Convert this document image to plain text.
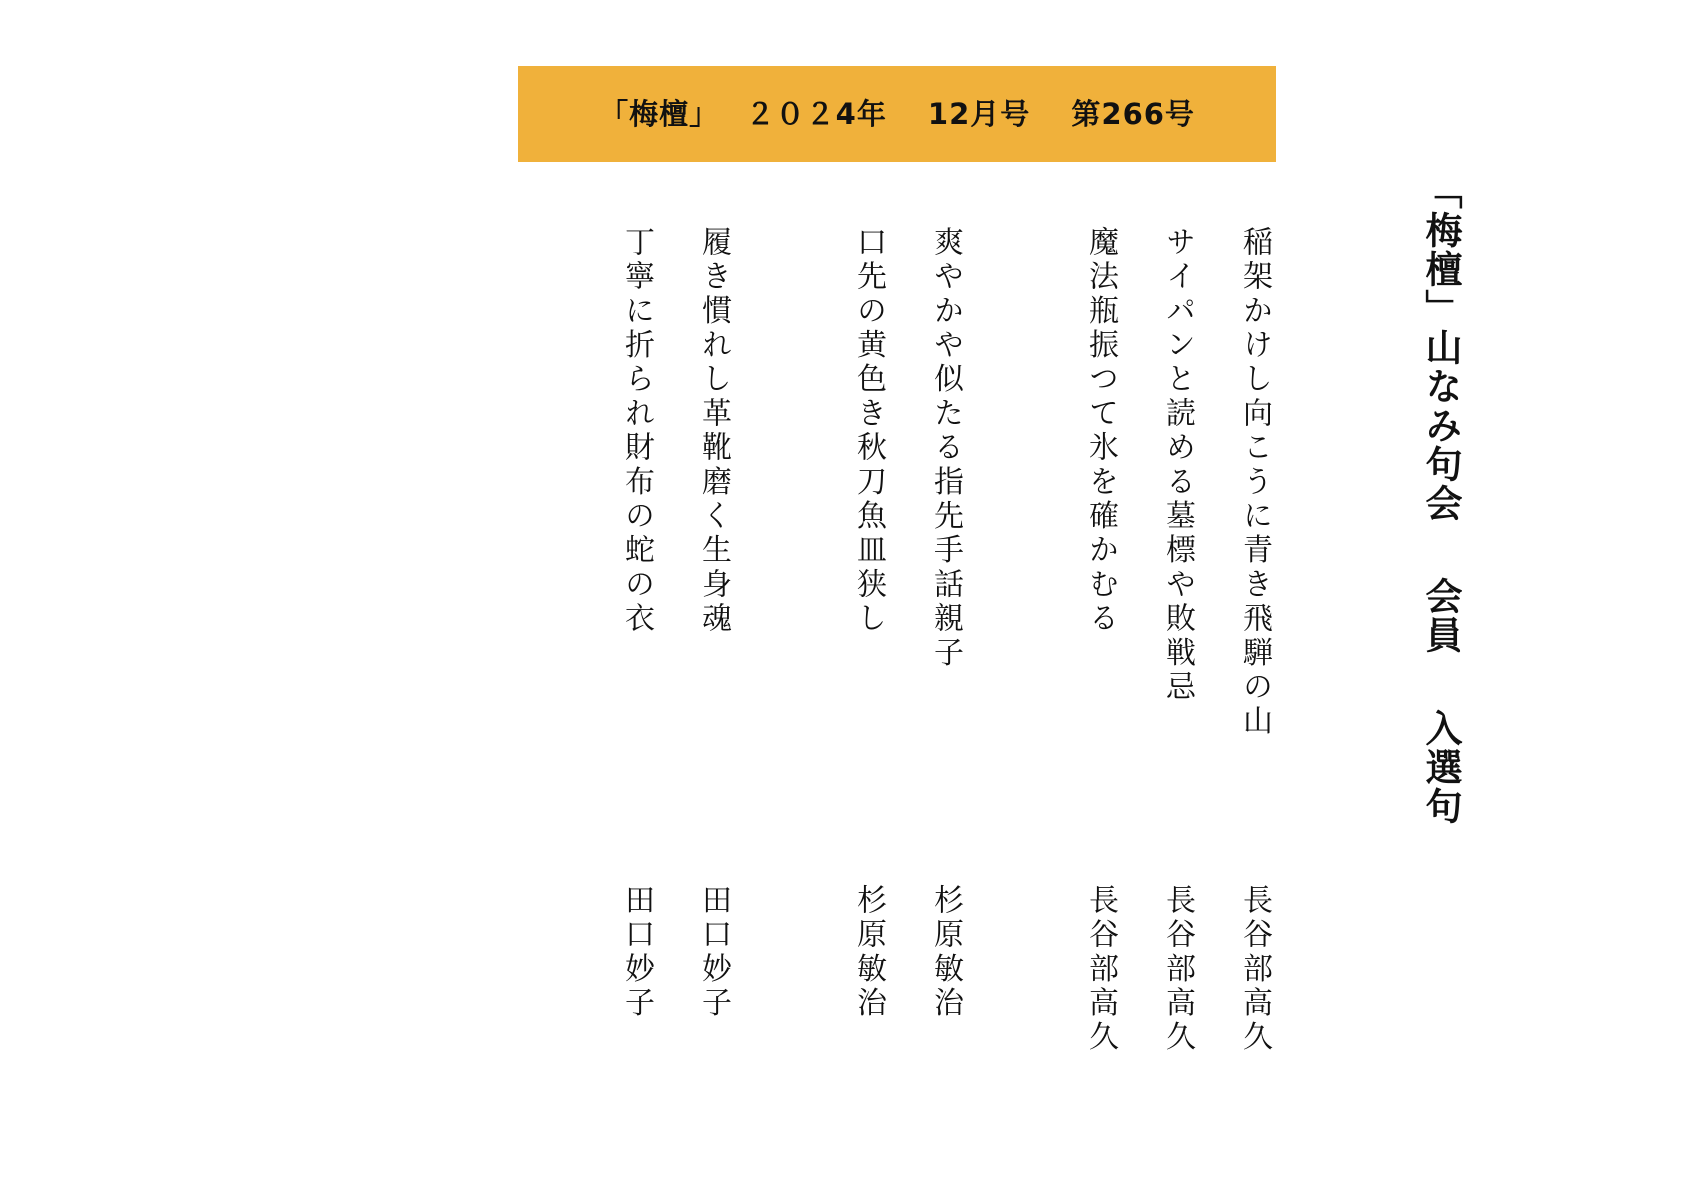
「梅檀」　 ２０２4年　 12月号　 第266号
「梅檀」山なみ句会　 会員　 入選句
稲架かけし向こうに青き飛騨の山
長谷部高久
サイパンと読める墓標や敗戦忌
長谷部高久
魔法瓶振つて氷を確かむる
長谷部高久
爽やかや似たる指先手話親子
杉原敏治
口先の黄色き秋刀魚皿狭し
杉原敏治
履き慣れし革靴磨く生身魂
田口妙子
丁寧に折られ財布の蛇の衣
田口妙子
